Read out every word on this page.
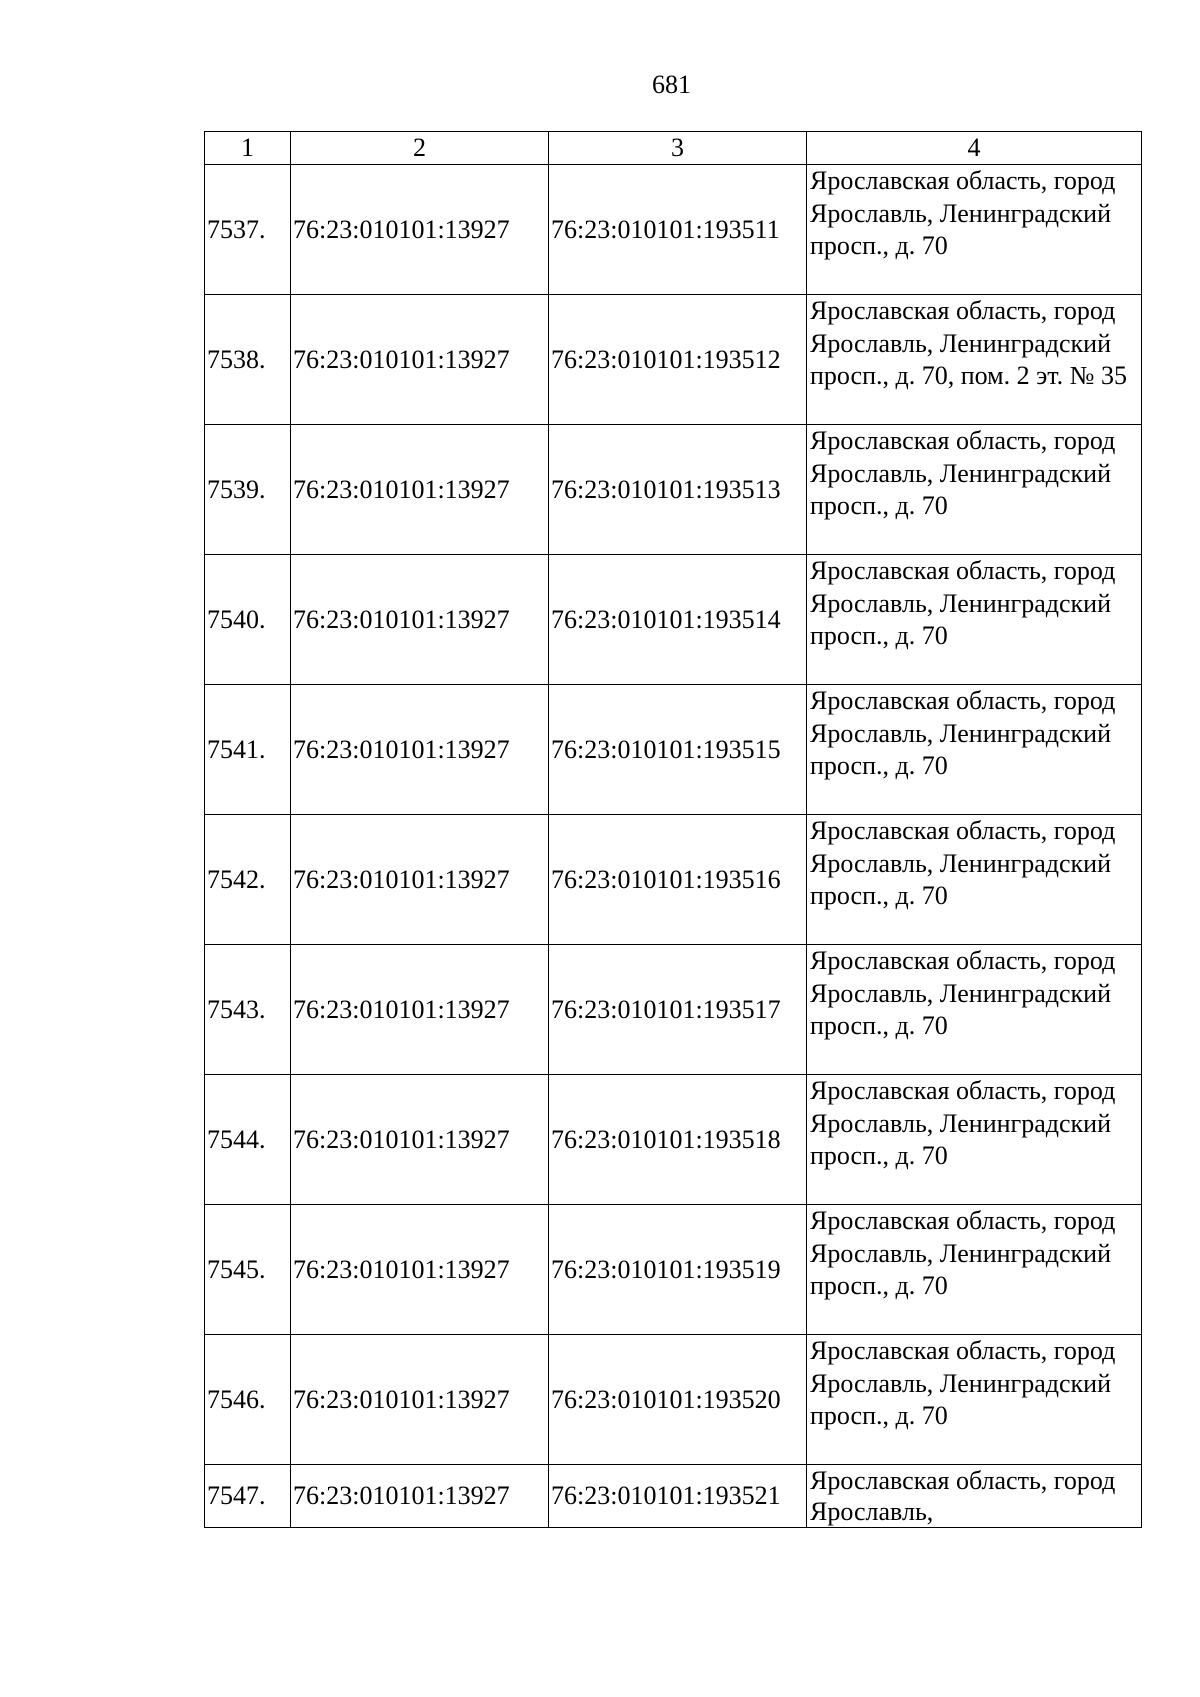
681
1	2	3	4
7537.	76:23:010101:13927	76:23:010101:193511	Ярославская область, город Ярославль, Ленинградский просп., д. 70
7538.	76:23:010101:13927	76:23:010101:193512	Ярославская область, город Ярославль, Ленинградский просп., д. 70, пом. 2 эт. № 35
7539.	76:23:010101:13927	76:23:010101:193513	Ярославская область, город Ярославль, Ленинградский просп., д. 70
7540.	76:23:010101:13927	76:23:010101:193514	Ярославская область, город Ярославль, Ленинградский просп., д. 70
7541.	76:23:010101:13927	76:23:010101:193515	Ярославская область, город Ярославль, Ленинградский просп., д. 70
7542.	76:23:010101:13927	76:23:010101:193516	Ярославская область, город Ярославль, Ленинградский просп., д. 70
7543.	76:23:010101:13927	76:23:010101:193517	Ярославская область, город Ярославль, Ленинградский просп., д. 70
7544.	76:23:010101:13927	76:23:010101:193518	Ярославская область, город Ярославль, Ленинградский просп., д. 70
7545.	76:23:010101:13927	76:23:010101:193519	Ярославская область, город Ярославль, Ленинградский просп., д. 70
7546.	76:23:010101:13927	76:23:010101:193520	Ярославская область, город Ярославль, Ленинградский просп., д. 70
7547.	76:23:010101:13927	76:23:010101:193521	Ярославская область, город Ярославль,
